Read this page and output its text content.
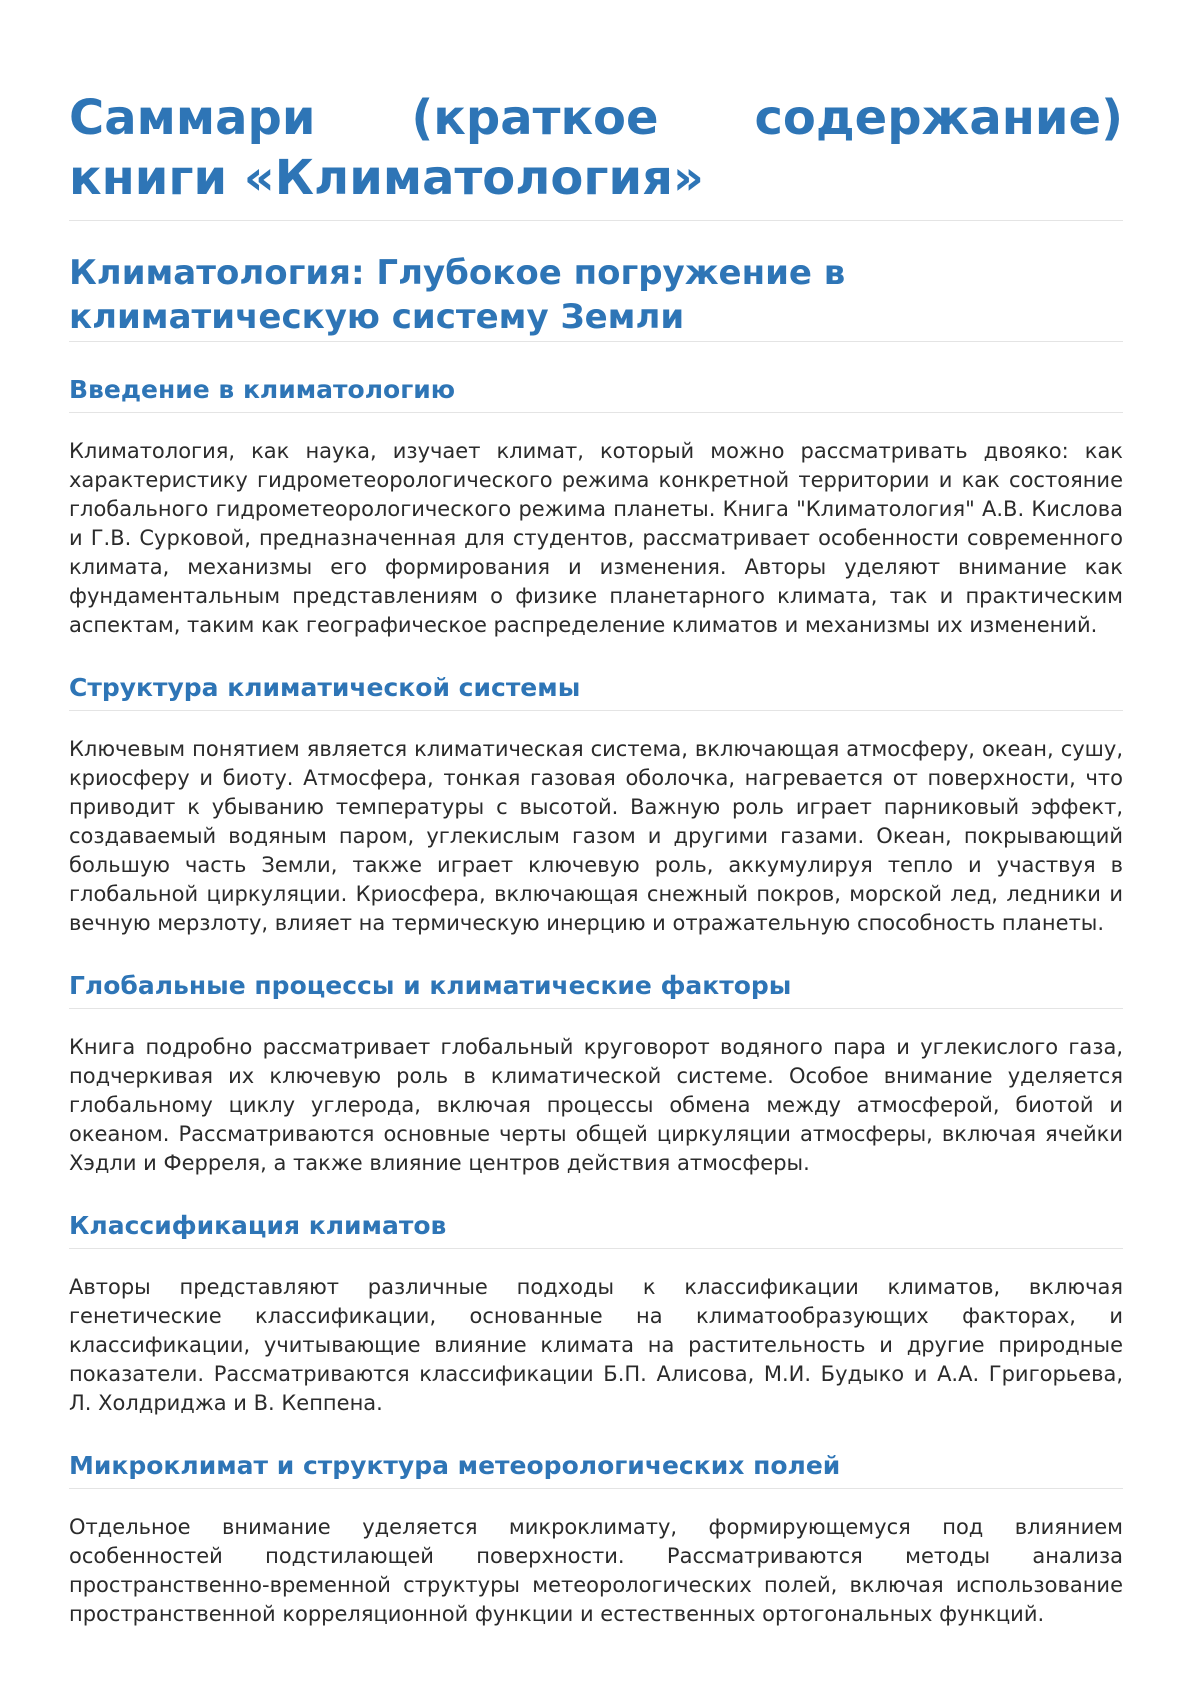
Саммари (краткое содержание) книги «Климатология»
Климатология: Глубокое погружение в климатическую систему Земли
Введение в климатологию

Климатология, как наука, изучает климат, который можно рассматривать двояко: как характеристику гидрометеорологического режима конкретной территории и как состояние глобального гидрометеорологического режима планеты. Книга "Климатология" А.В. Кислова и Г.В. Сурковой, предназначенная для студентов, рассматривает особенности современного климата, механизмы его формирования и изменения. Авторы уделяют внимание как фундаментальным представлениям о физике планетарного климата, так и практическим аспектам, таким как географическое распределение климатов и механизмы их изменений.

Структура климатической системы

Ключевым понятием является климатическая система, включающая атмосферу, океан, сушу, криосферу и биоту. Атмосфера, тонкая газовая оболочка, нагревается от поверхности, что приводит к убыванию температуры с высотой. Важную роль играет парниковый эффект, создаваемый водяным паром, углекислым газом и другими газами. Океан, покрывающий большую часть Земли, также играет ключевую роль, аккумулируя тепло и участвуя в глобальной циркуляции. Криосфера, включающая снежный покров, морской лед, ледники и вечную мерзлоту, влияет на термическую инерцию и отражательную способность планеты.

Глобальные процессы и климатические факторы

Книга подробно рассматривает глобальный круговорот водяного пара и углекислого газа, подчеркивая их ключевую роль в климатической системе. Особое внимание уделяется глобальному циклу углерода, включая процессы обмена между атмосферой, биотой и океаном. Рассматриваются основные черты общей циркуляции атмосферы, включая ячейки Хэдли и Ферреля, а также влияние центров действия атмосферы.

Классификация климатов

Авторы представляют различные подходы к классификации климатов, включая генетические классификации, основанные на климатообразующих факторах, и классификации, учитывающие влияние климата на растительность и другие природные показатели. Рассматриваются классификации Б.П. Алисова, М.И. Будыко и А.А. Григорьева, Л. Холдриджа и В. Кеппена.

Микроклимат и структура метеорологических полей

Отдельное внимание уделяется микроклимату, формирующемуся под влиянием особенностей подстилающей поверхности. Рассматриваются методы анализа пространственно-временной структуры метеорологических полей, включая использование пространственной корреляционной функции и естественных ортогональных функций.
